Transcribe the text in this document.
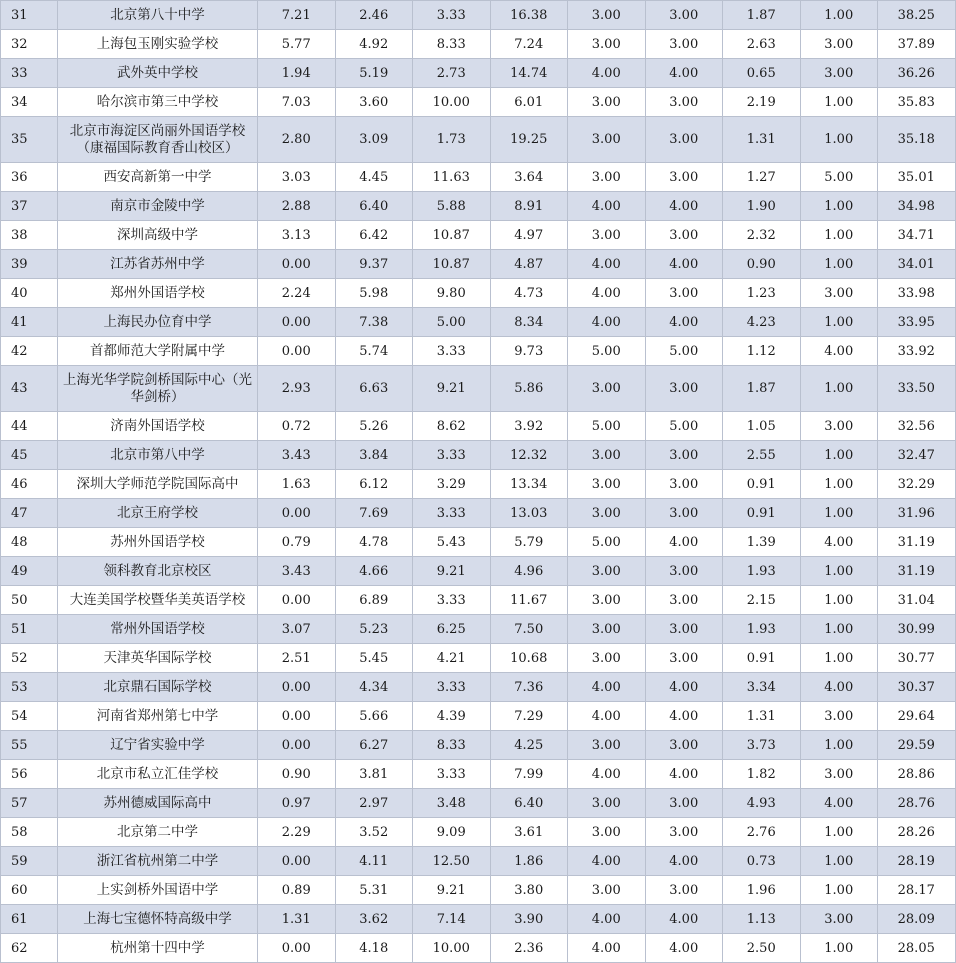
31	北京第八十中学	7.21	2.46	3.33	16.38	3.00	3.00	1.87	1.00	38.25
32	上海包玉刚实验学校	5.77	4.92	8.33	7.24	3.00	3.00	2.63	3.00	37.89
33	武外英中学校	1.94	5.19	2.73	14.74	4.00	4.00	0.65	3.00	36.26
34	哈尔滨市第三中学校	7.03	3.60	10.00	6.01	3.00	3.00	2.19	1.00	35.83
35	北京市海淀区尚丽外国语学校（康福国际教育香山校区）	2.80	3.09	1.73	19.25	3.00	3.00	1.31	1.00	35.18
36	西安高新第一中学	3.03	4.45	11.63	3.64	3.00	3.00	1.27	5.00	35.01
37	南京市金陵中学	2.88	6.40	5.88	8.91	4.00	4.00	1.90	1.00	34.98
38	深圳高级中学	3.13	6.42	10.87	4.97	3.00	3.00	2.32	1.00	34.71
39	江苏省苏州中学	0.00	9.37	10.87	4.87	4.00	4.00	0.90	1.00	34.01
40	郑州外国语学校	2.24	5.98	9.80	4.73	4.00	3.00	1.23	3.00	33.98
41	上海民办位育中学	0.00	7.38	5.00	8.34	4.00	4.00	4.23	1.00	33.95
42	首都师范大学附属中学	0.00	5.74	3.33	9.73	5.00	5.00	1.12	4.00	33.92
43	上海光华学院剑桥国际中心（光华剑桥）	2.93	6.63	9.21	5.86	3.00	3.00	1.87	1.00	33.50
44	济南外国语学校	0.72	5.26	8.62	3.92	5.00	5.00	1.05	3.00	32.56
45	北京市第八中学	3.43	3.84	3.33	12.32	3.00	3.00	2.55	1.00	32.47
46	深圳大学师范学院国际高中	1.63	6.12	3.29	13.34	3.00	3.00	0.91	1.00	32.29
47	北京王府学校	0.00	7.69	3.33	13.03	3.00	3.00	0.91	1.00	31.96
48	苏州外国语学校	0.79	4.78	5.43	5.79	5.00	4.00	1.39	4.00	31.19
49	领科教育北京校区	3.43	4.66	9.21	4.96	3.00	3.00	1.93	1.00	31.19
50	大连美国学校暨华美英语学校	0.00	6.89	3.33	11.67	3.00	3.00	2.15	1.00	31.04
51	常州外国语学校	3.07	5.23	6.25	7.50	3.00	3.00	1.93	1.00	30.99
52	天津英华国际学校	2.51	5.45	4.21	10.68	3.00	3.00	0.91	1.00	30.77
53	北京鼎石国际学校	0.00	4.34	3.33	7.36	4.00	4.00	3.34	4.00	30.37
54	河南省郑州第七中学	0.00	5.66	4.39	7.29	4.00	4.00	1.31	3.00	29.64
55	辽宁省实验中学	0.00	6.27	8.33	4.25	3.00	3.00	3.73	1.00	29.59
56	北京市私立汇佳学校	0.90	3.81	3.33	7.99	4.00	4.00	1.82	3.00	28.86
57	苏州德威国际高中	0.97	2.97	3.48	6.40	3.00	3.00	4.93	4.00	28.76
58	北京第二中学	2.29	3.52	9.09	3.61	3.00	3.00	2.76	1.00	28.26
59	浙江省杭州第二中学	0.00	4.11	12.50	1.86	4.00	4.00	0.73	1.00	28.19
60	上实剑桥外国语中学	0.89	5.31	9.21	3.80	3.00	3.00	1.96	1.00	28.17
61	上海七宝德怀特高级中学	1.31	3.62	7.14	3.90	4.00	4.00	1.13	3.00	28.09
62	杭州第十四中学	0.00	4.18	10.00	2.36	4.00	4.00	2.50	1.00	28.05
